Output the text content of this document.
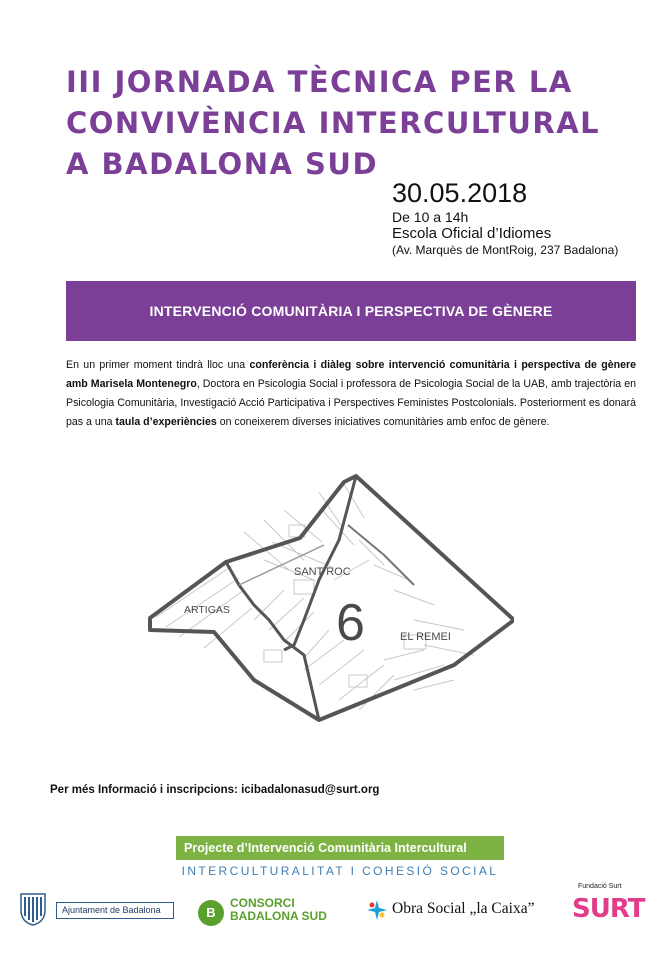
III JORNADA TÈCNICA PER LA
CONVIVÈNCIA INTERCULTURAL
A BADALONA SUD
30.05.2018
De 10 a 14h
Escola Oficial d’Idiomes
(Av. Marquès de MontRoig, 237 Badalona)
INTERVENCIÓ COMUNITÀRIA I PERSPECTIVA DE GÈNERE

En un primer moment tindrà lloc una conferència i diàleg sobre intervenció comunitària i perspectiva de gènere amb Marisela Montenegro, Doctora en Psicologia Social i professora de Psicologia Social de la UAB, amb trajectòria en Psicologia Comunitària, Investigació Acció Participativa i Perspectives Feministes Postcolonials. Posteriorment es donarà pas a una taula d’experiències on coneixerem diverses iniciatives comunitàries amb enfoc de gènere.

SANT ROC
ARTIGAS
EL REMEI
6
Per més Informació i inscripcions: icibadalonasud@surt.org
Projecte d’Intervenció Comunitària Intercultural
INTERCULTURALITAT I COHESIÓ SOCIAL
Ajuntament de Badalona	B
CONSORCI
BADALONA SUD	Obra Social „la Caixa”
Fundació Surt
SURT
